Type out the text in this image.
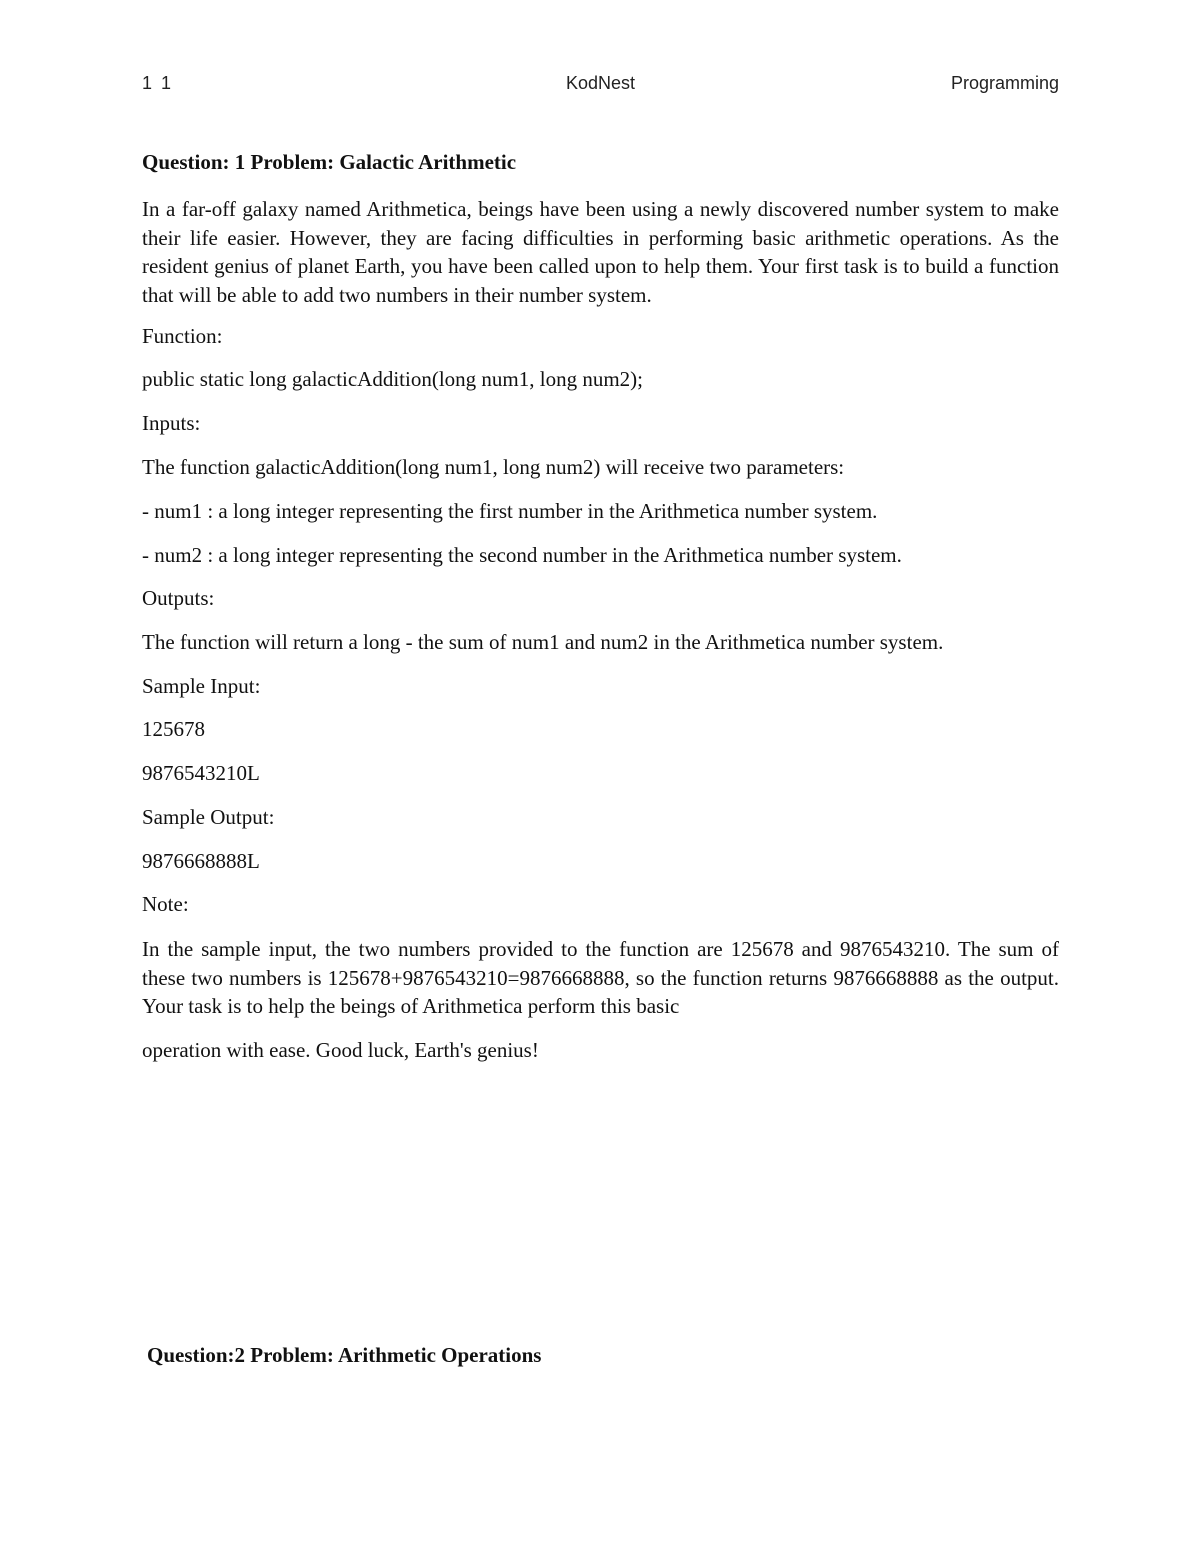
1 1	KodNest	Programming

Question: 1 Problem: Galactic Arithmetic

In a far-off galaxy named Arithmetica, beings have been using a newly discovered number system to make their life easier. However, they are facing difficulties in performing basic arithmetic operations. As the resident genius of planet Earth, you have been called upon to help them. Your first task is to build a function that will be able to add two numbers in their number system.

Function:

public static long galacticAddition(long num1, long num2);

Inputs:

The function galacticAddition(long num1, long num2) will receive two parameters:

- num1 : a long integer representing the first number in the Arithmetica number system.

- num2 : a long integer representing the second number in the Arithmetica number system.

Outputs:

The function will return a long - the sum of num1 and num2 in the Arithmetica number system.

Sample Input:

125678

9876543210L

Sample Output:

9876668888L

Note:

In the sample input, the two numbers provided to the function are 125678 and 9876543210. The sum of these two numbers is 125678+9876543210=9876668888, so the function returns 9876668888 as the output. Your task is to help the beings of Arithmetica perform this basic

operation with ease. Good luck, Earth's genius!

Question:2 Problem: Arithmetic Operations
